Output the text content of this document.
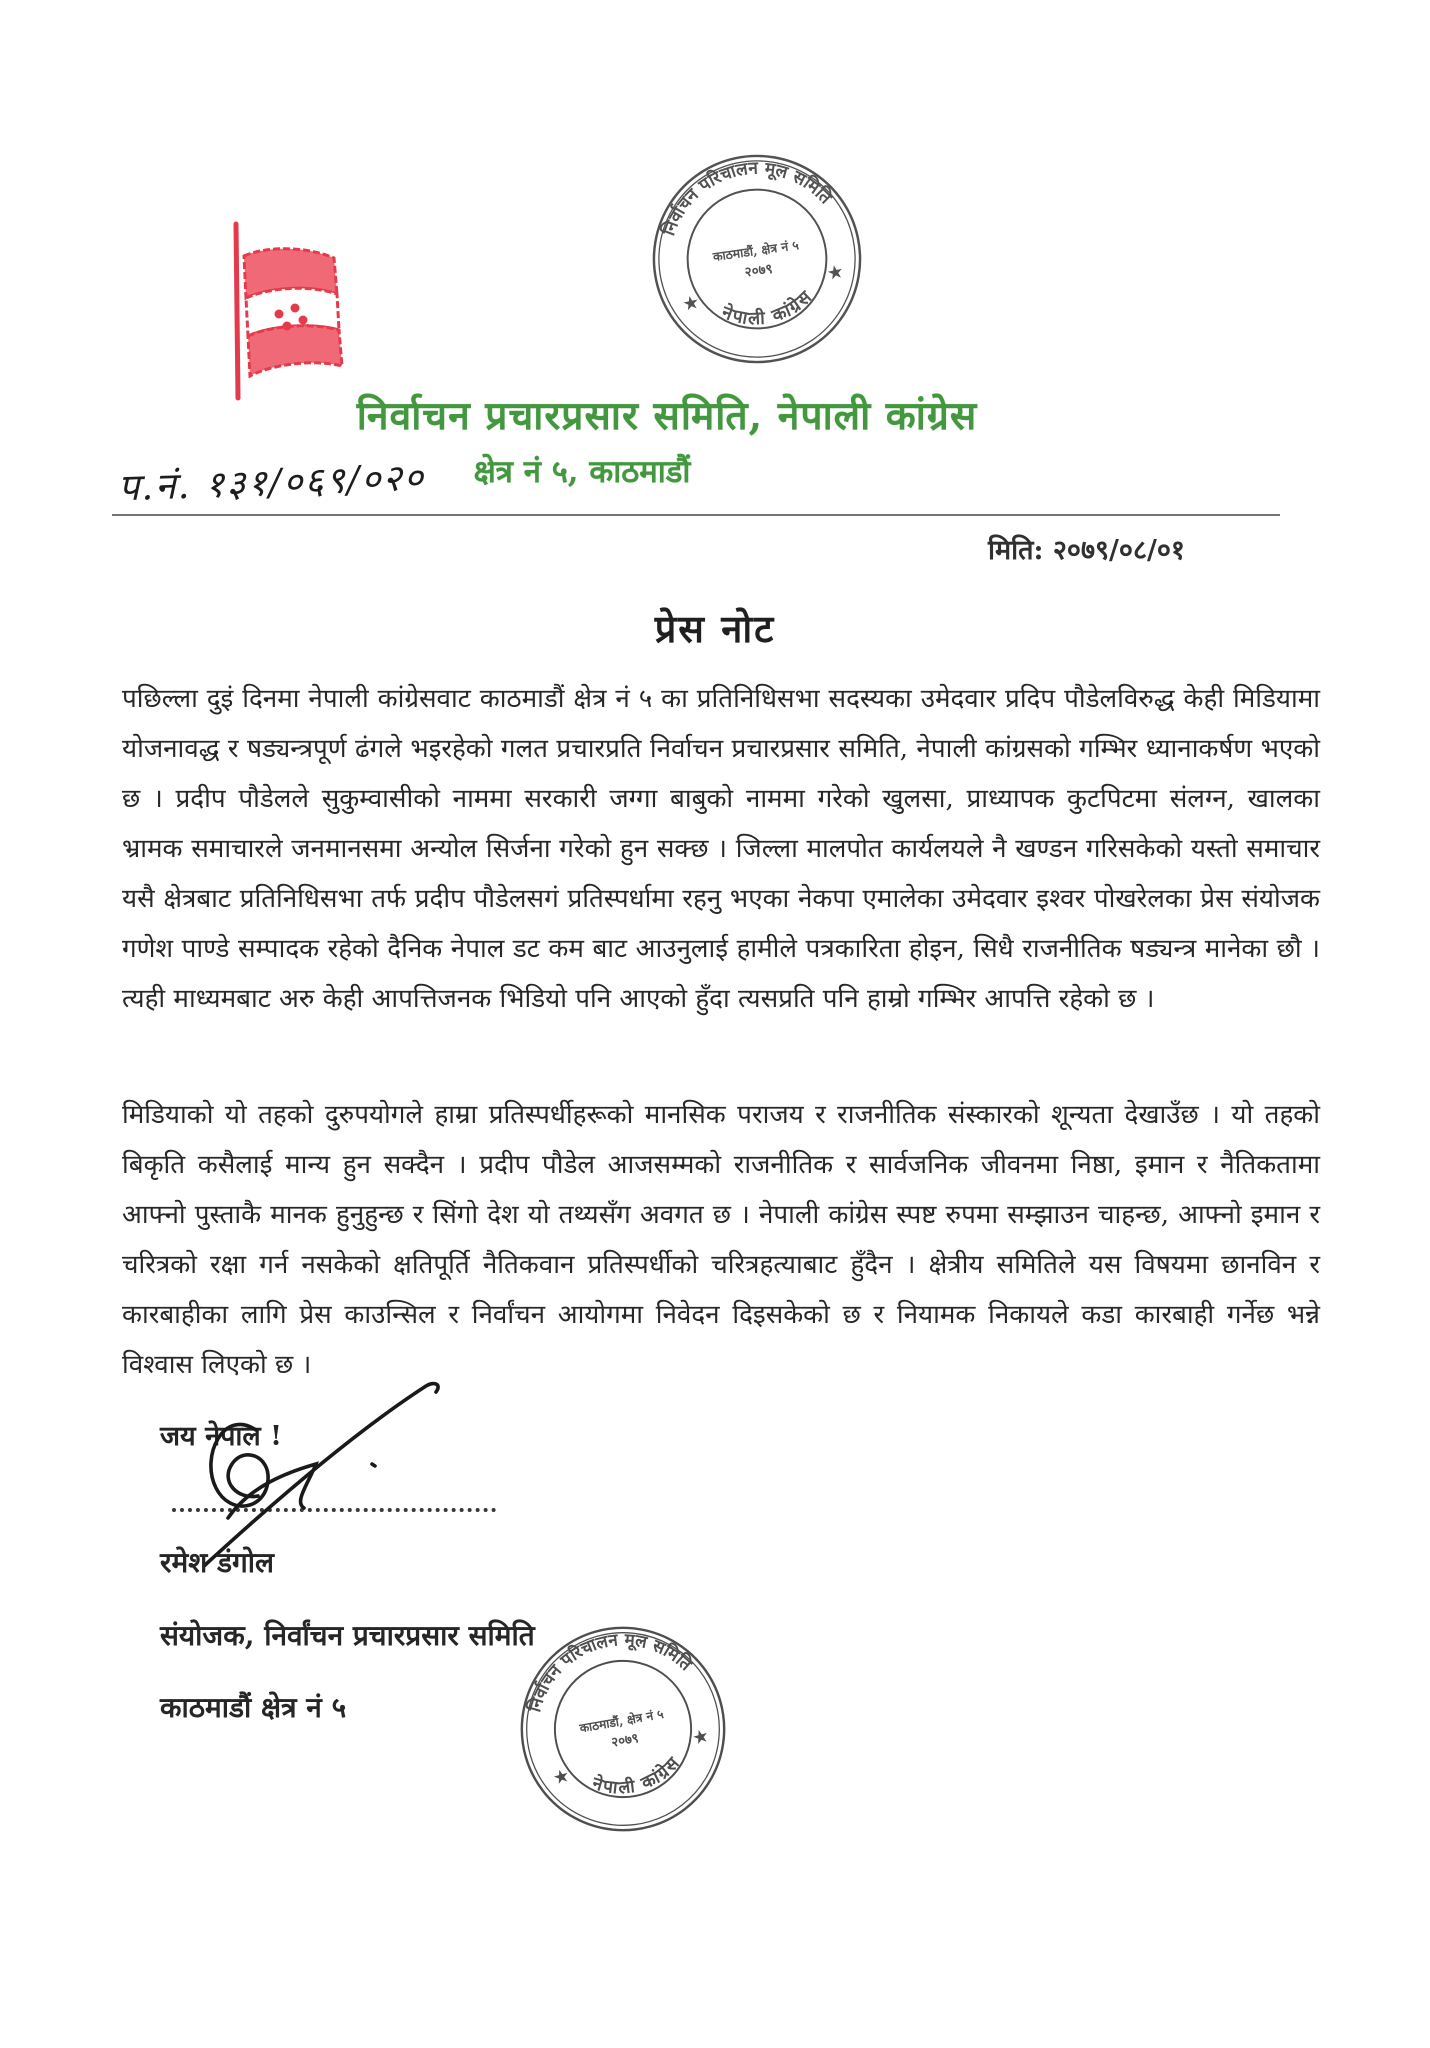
निर्वाचन परिचालन मूल समिति
नेपाली कांग्रेस
★
★
काठमाडौं, क्षेत्र नं ५
२०७९
निर्वाचन प्रचारप्रसार समिति, नेपाली कांग्रेस
क्षेत्र नं ५, काठमाडौं
प.नं. १३१/०६९/०२०
मिति: २०७९/०८/०१
प्रेस नोट
पछिल्ला दुइं दिनमा नेपाली कांग्रेसवाट काठमाडौं क्षेत्र नं ५ का प्रतिनिधिसभा सदस्यका उमेदवार प्रदिप पौडेलविरुद्ध केही मिडियामा योजनावद्ध र षड्यन्त्रपूर्ण ढंगले भइरहेको गलत प्रचारप्रति निर्वाचन प्रचारप्रसार समिति, नेपाली कांग्रसको गम्भिर ध्यानाकर्षण भएको छ । प्रदीप पौडेलले सुकुम्वासीको नाममा सरकारी जग्गा बाबुको नाममा गरेको खुलसा, प्राध्यापक कुटपिटमा संलग्न, खालका भ्रामक समाचारले जनमानसमा अन्योल सिर्जना गरेको हुन सक्छ । जिल्ला मालपोत कार्यलयले नै खण्डन गरिसकेको यस्तो समाचार यसै क्षेत्रबाट प्रतिनिधिसभा तर्फ प्रदीप पौडेलसगं प्रतिस्पर्धामा रहनु भएका नेकपा एमालेका उमेदवार इश्वर पोखरेलका प्रेस संयोजक गणेश पाण्डे सम्पादक रहेको दैनिक नेपाल डट कम बाट आउनुलाई हामीले पत्रकारिता होइन, सिधै राजनीतिक षड्यन्त्र मानेका छौ । त्यही माध्यमबाट अरु केही आपत्तिजनक भिडियो पनि आएको हुँदा त्यसप्रति पनि हाम्रो गम्भिर आपत्ति रहेको छ ।
मिडियाको यो तहको दुरुपयोगले हाम्रा प्रतिस्पर्धीहरूको मानसिक पराजय र राजनीतिक संस्कारको शून्यता देखाउँछ । यो तहको बिकृति कसैलाई मान्य हुन सक्दैन । प्रदीप पौडेल आजसम्मको राजनीतिक र सार्वजनिक जीवनमा निष्ठा, इमान र नैतिकतामा आफ्नो पुस्ताकै मानक हुनुहुन्छ र सिंगो देश यो तथ्यसँग अवगत छ । नेपाली कांग्रेस स्पष्ट रुपमा सम्झाउन चाहन्छ, आफ्नो इमान र चरित्रको रक्षा गर्न नसकेको क्षतिपूर्ति नैतिकवान प्रतिस्पर्धीको चरित्रहत्याबाट हुँदैन । क्षेत्रीय समितिले यस विषयमा छानविन र कारबाहीका लागि प्रेस काउन्सिल र निर्वांचन आयोगमा निवेदन दिइसकेको छ र नियामक निकायले कडा कारबाही गर्नेछ भन्ने विश्वास लिएको छ ।
जय नेपाल !
रमेश डंगोल
संयोजक, निर्वांचन प्रचारप्रसार समिति
काठमाडौं क्षेत्र नं ५	निर्वाचन परिचालन मूल समिति
नेपाली कांग्रेस
★
★
काठमाडौं, क्षेत्र नं ५
२०७९
